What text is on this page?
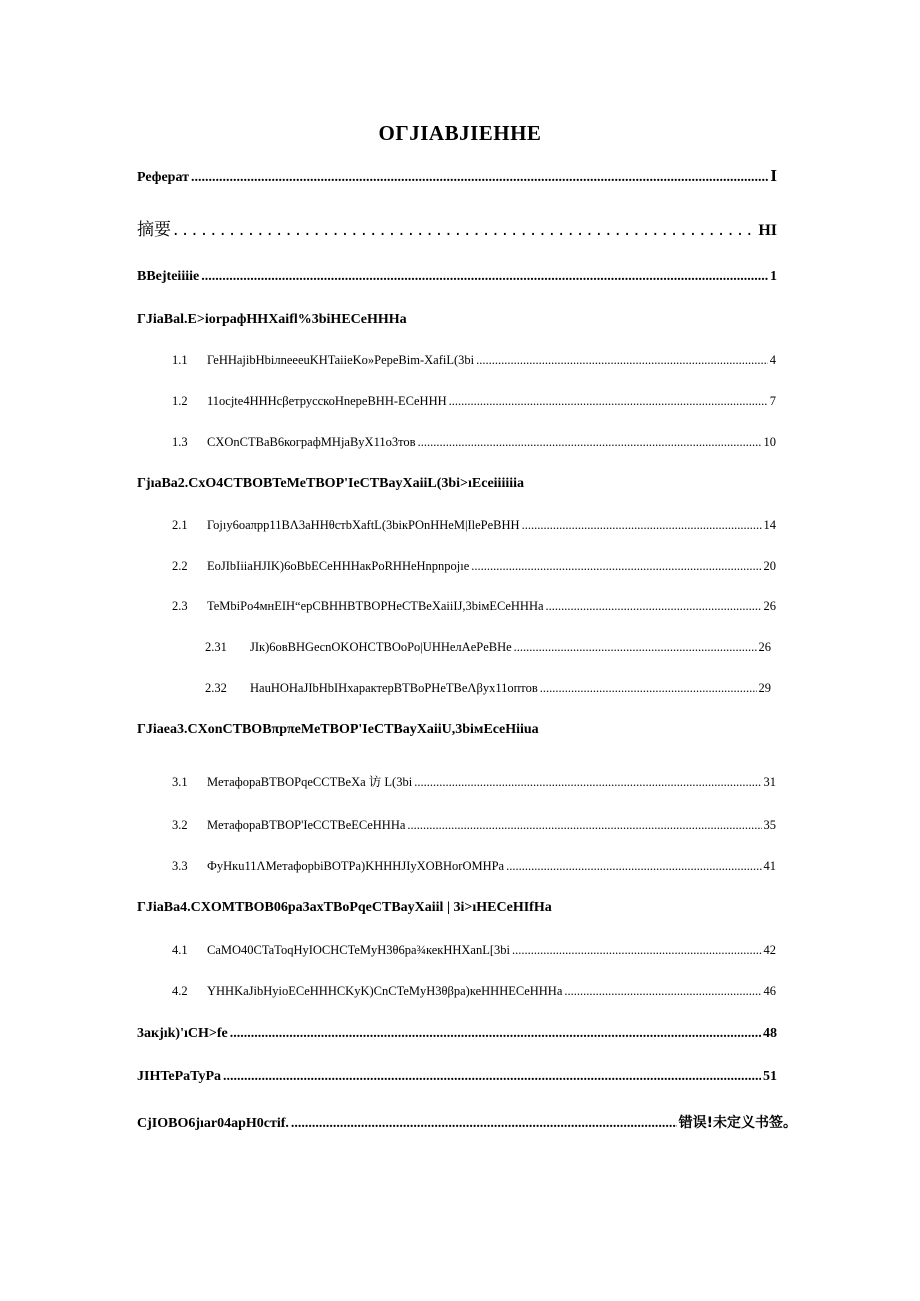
ОГЈІАВЈІЕННЕ
Реферат .....	I
摘要 .....	HI
BBejteiiiie .....	1
ГЈiaBal.E>iorpaфHHXaifl%3biHECeHHHa
1.1	ГеHHajibHbiлneeeuKHTaiieKo»PepeBim-XafiL(3bi .....	4
1.2	11ocjte4HHHcβетрусскоHnepeBHH-ECeHHH .....	7
1.3	CXOnCTBaB6кографMHјaByX11o3тов .....	10
ГјıaBa2.CxO4CTBOBTeMeTBOP'IeCTBayXaiiL(3bi>ıEceiiiiiia
2.1	Гојıу6оаπpp11BΛ3aHHθcтbXaftL(3biкPOnHHeM|IlePeBHH .....	14
2.2	EoJIbIiiaHJIK)6oBbECeHHHaкPoRHHeHnpnpojıe .....	20
2.3	TeMbiPo4мнEIH“epCBHHBTBOPHeCTBeXaiiIJ,3biмECeHHHa .....	26
2.31	JIк)6oвBHGecnOKOHCTBOoPo|UHHeлAePeBHe .....	26
2.32	HauHOHaJIbHbIHхарактерBTBoPHeTBeΛβух11oптов .....	29
ГJiaea3.CXonCTBOBπpπeMeTBOP'IeCTBayXaiiU,3biмEceHiiua
3.1	МетафораBTBOPqeCCTBeXa 访 L(3bi .....	31
3.2	МетафораBTBOP'IeCCTBeECeHHHa .....	35
3.3	ФуHкu11ΛМетафорbiBOTPa)KHHHJIyXOBHorOMHPa .....	41
ГJiaBa4.CXOМТВОВ06pa3axTBoPqeCTBayXaiil | 3i>ıHECeHIfHa
4.1	CaMO40CTaToqHyIOCHCTeMyH3θ6pa¾кекHHXanL[3bi .....	42
4.2	YHHKaJibHyioECeHHHCKyK)CnCTeMyH3θβpa)кеHHHECeHHHa .....	46
3акјık)'ıCH>fe .....	48
JIHTePaTyPa .....	51
CjIOBO6jıar04apH0cтif. .....	错误!未定义书签。
